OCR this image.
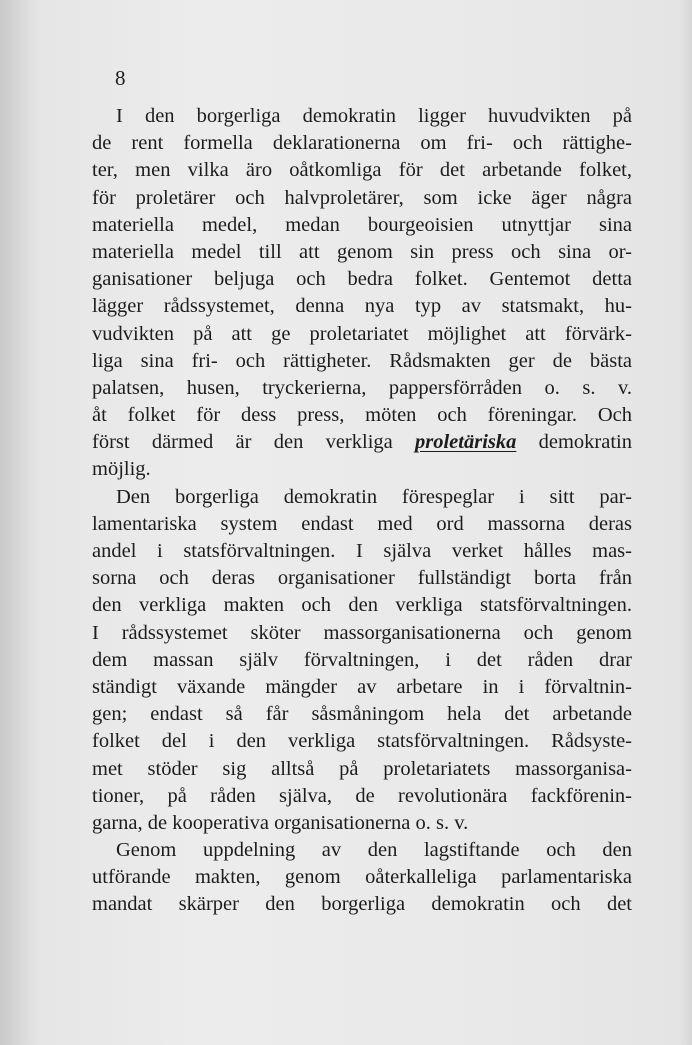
8
I den borgerliga demokratin ligger huvudvikten på
de rent formella deklarationerna om fri- och rättighe-
ter, men vilka äro oåtkomliga för det arbetande folket,
för proletärer och halvproletärer, som icke äger några
materiella medel, medan bourgeoisien utnyttjar sina
materiella medel till att genom sin press och sina or-
ganisationer beljuga och bedra folket. Gentemot detta
lägger rådssystemet, denna nya typ av statsmakt, hu-
vudvikten på att ge proletariatet möjlighet att förvärk-
liga sina fri- och rättigheter. Rådsmakten ger de bästa
palatsen, husen, tryckerierna, pappersförråden o. s. v.
åt folket för dess press, möten och föreningar. Och
först därmed är den verkliga proletäriska demokratin
möjlig.
Den borgerliga demokratin förespeglar i sitt par-
lamentariska system endast med ord massorna deras
andel i statsförvaltningen. I själva verket hålles mas-
sorna och deras organisationer fullständigt borta från
den verkliga makten och den verkliga statsförvaltningen.
I rådssystemet sköter massorganisationerna och genom
dem massan själv förvaltningen, i det råden drar
ständigt växande mängder av arbetare in i förvaltnin-
gen; endast så får såsmåningom hela det arbetande
folket del i den verkliga statsförvaltningen. Rådsyste-
met stöder sig alltså på proletariatets massorganisa-
tioner, på råden själva, de revolutionära fackförenin-
garna, de kooperativa organisationerna o. s. v.
Genom uppdelning av den lagstiftande och den
utförande makten, genom oåterkalleliga parlamentariska
mandat skärper den borgerliga demokratin och det
